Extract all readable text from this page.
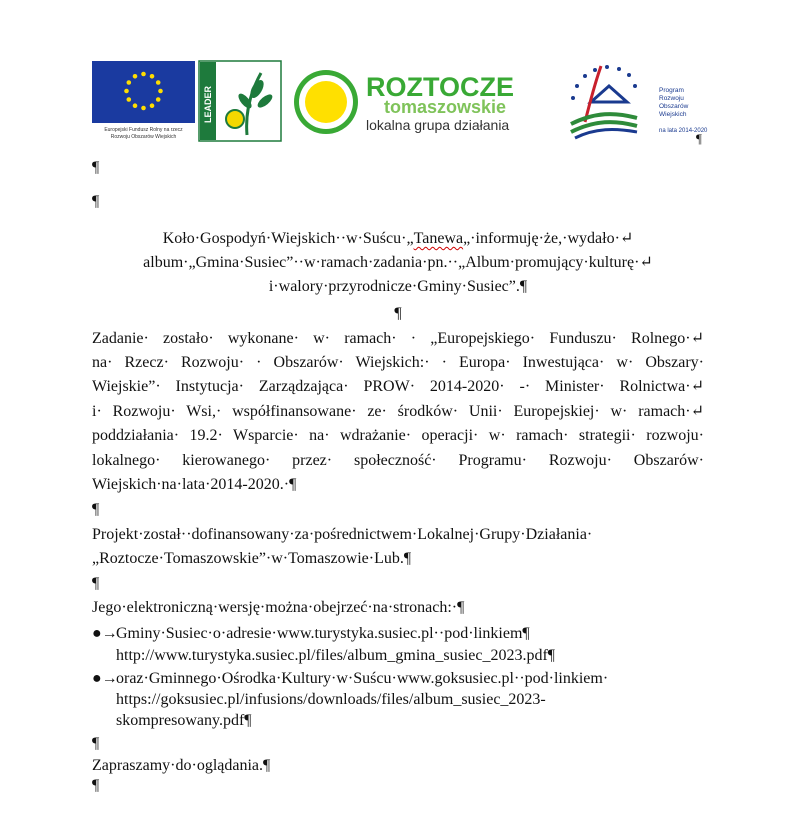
Europejski Fundusz Rolny na rzecz
Rozwoju Obszarów Wiejskich
LEADER	ROZTOCZE
tomaszowskie
lokalna grupa działania
Program
Rozwoju
Obszarów
Wiejskich
na lata 2014-2020
¶
¶
¶
Koło·Gospodyń·Wiejskich··w·Suścu·„Tanewa„·informuję·że,·wydało·↵
album·„Gmina·Susiec”··w·ramach·zadania·pn.··„Album·promujący·kulturę·↵
i·walory·przyrodnicze·Gminy·Susiec”.¶
¶
Zadanie· zostało· wykonane· w· ramach· · „Europejskiego· Funduszu· Rolnego·↵
na· Rzecz· Rozwoju· · Obszarów· Wiejskich:· · Europa· Inwestująca· w· Obszary·
Wiejskie”· Instytucja· Zarządzająca· PROW· 2014-2020· -· Minister· Rolnictwa·↵
i· Rozwoju· Wsi,· współfinansowane· ze· środków· Unii· Europejskiej· w· ramach·↵
poddziałania· 19.2· Wsparcie· na· wdrażanie· operacji· w· ramach· strategii· rozwoju·
lokalnego· kierowanego· przez· społeczność· Programu· Rozwoju· Obszarów·
Wiejskich·na·lata·2014-2020.·¶
¶
Projekt·został··dofinansowany·za·pośrednictwem·Lokalnej·Grupy·Działania·
„Roztocze·Tomaszowskie”·w·Tomaszowie·Lub.¶
¶
Jego·elektroniczną·wersję·można·obejrzeć·na·stronach:·¶
●→
Gminy·Susiec·o·adresie·www.turystyka.susiec.pl··pod·linkiem¶
http://www.turystyka.susiec.pl/files/album_gmina_susiec_2023.pdf¶
●→
oraz·Gminnego·Ośrodka·Kultury·w·Suścu·www.goksusiec.pl··pod·linkiem·
https://goksusiec.pl/infusions/downloads/files/album_susiec_2023-
skompresowany.pdf¶
¶
Zapraszamy·do·oglądania.¶
¶
